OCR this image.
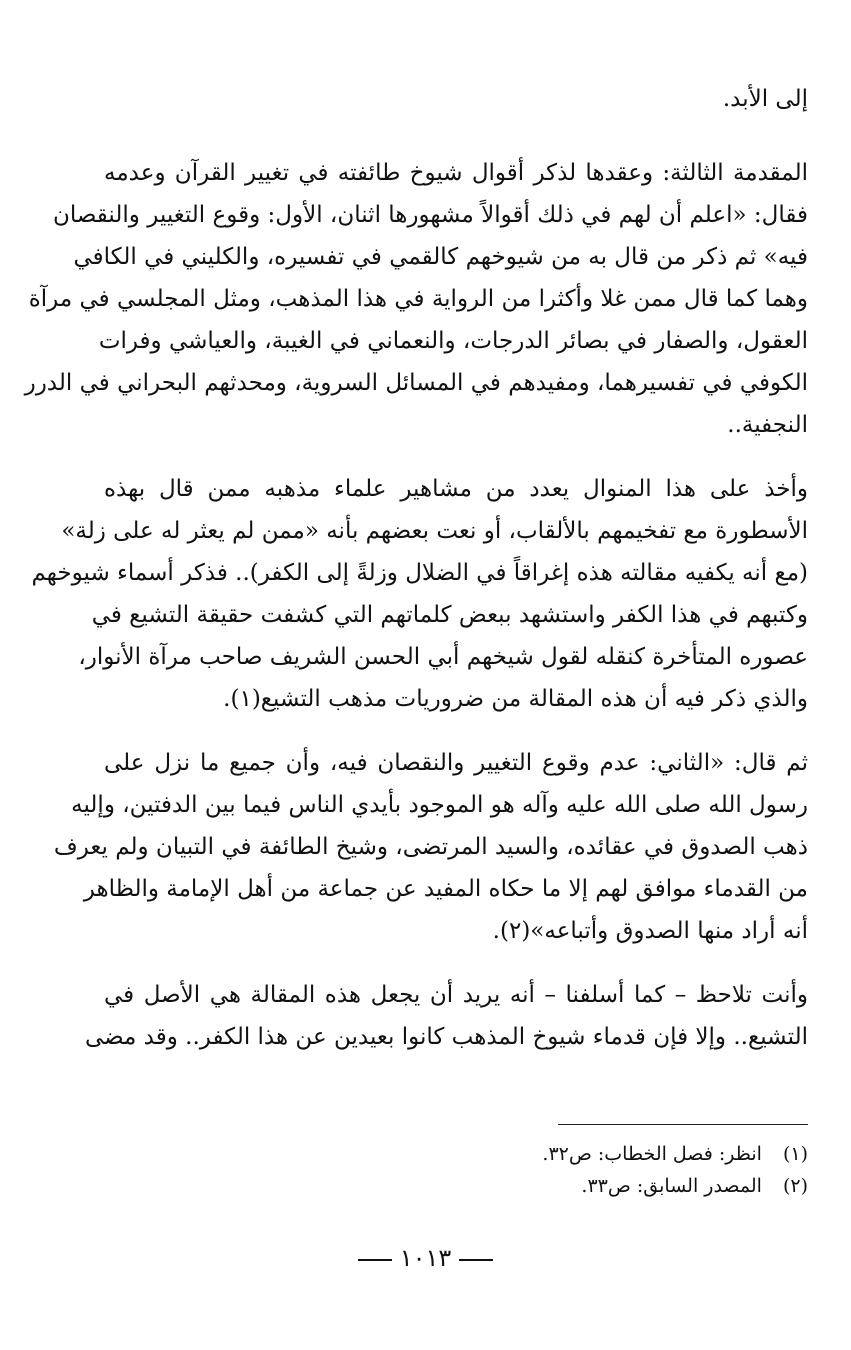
إلى الأبد.
المقدمة الثالثة: وعقدها لذكر أقوال شيوخ طائفته في تغيير القرآن وعدمه
فقال: «اعلم أن لهم في ذلك أقوالاً مشهورها اثنان، الأول: وقوع التغيير والنقصان
فيه» ثم ذكر من قال به من شيوخهم كالقمي في تفسيره، والكليني في الكافي
وهما كما قال ممن غلا وأكثرا من الرواية في هذا المذهب، ومثل المجلسي في مرآة
العقول، والصفار في بصائر الدرجات، والنعماني في الغيبة، والعياشي وفرات
الكوفي في تفسيرهما، ومفيدهم في المسائل السروية، ومحدثهم البحراني في الدرر
النجفية..
وأخذ على هذا المنوال يعدد من مشاهير علماء مذهبه ممن قال بهذه
الأسطورة مع تفخيمهم بالألقاب، أو نعت بعضهم بأنه «ممن لم يعثر له على زلة»
(مع أنه يكفيه مقالته هذه إغراقاً في الضلال وزلةً إلى الكفر).. فذكر أسماء شيوخهم
وكتبهم في هذا الكفر واستشهد ببعض كلماتهم التي كشفت حقيقة التشيع في
عصوره المتأخرة كنقله لقول شيخهم أبي الحسن الشريف صاحب مرآة الأنوار،
والذي ذكر فيه أن هذه المقالة من ضروريات مذهب التشيع(١).
ثم قال: «الثاني: عدم وقوع التغيير والنقصان فيه، وأن جميع ما نزل على
رسول الله صلى الله عليه وآله هو الموجود بأيدي الناس فيما بين الدفتين، وإليه
ذهب الصدوق في عقائده، والسيد المرتضى، وشيخ الطائفة في التبيان ولم يعرف
من القدماء موافق لهم إلا ما حكاه المفيد عن جماعة من أهل الإمامة والظاهر
أنه أراد منها الصدوق وأتباعه»(٢).
وأنت تلاحظ – كما أسلفنا – أنه يريد أن يجعل هذه المقالة هي الأصل في
التشيع.. وإلا فإن قدماء شيوخ المذهب كانوا بعيدين عن هذا الكفر.. وقد مضى
(١) انظر: فصل الخطاب: ص٣٢.
(٢) المصدر السابق: ص٣٣.
١٠١٣
